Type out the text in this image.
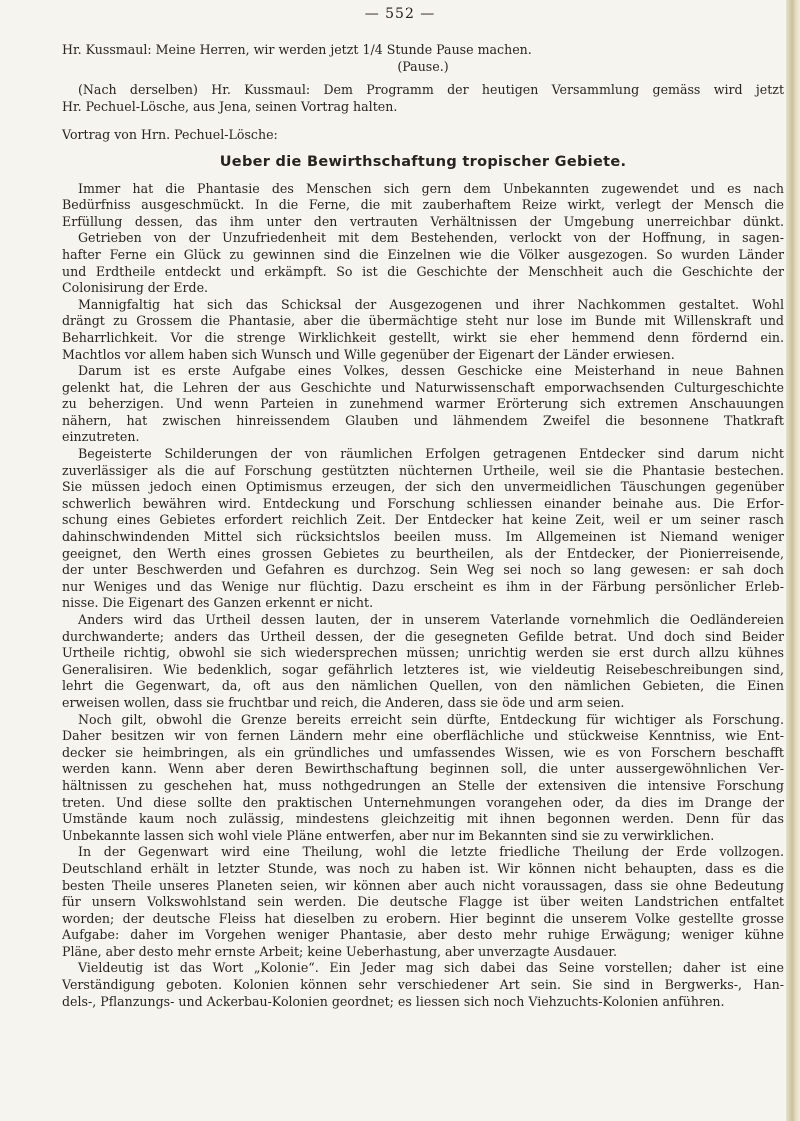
— 552 —
Hr. Kussmaul: Meine Herren, wir werden jetzt 1/4 Stunde Pause machen.
(Pause.)
(Nach derselben) Hr. Kussmaul: Dem Programm der heutigen Versammlung gemäss wird jetzt
Hr. Pechuel-Lösche, aus Jena, seinen Vortrag halten.
Vortrag von Hrn. Pechuel-Lösche:
Ueber die Bewirthschaftung tropischer Gebiete.
Immer hat die Phantasie des Menschen sich gern dem Unbekannten zugewendet und es nach
Bedürfniss ausgeschmückt. In die Ferne, die mit zauberhaftem Reize wirkt, verlegt der Mensch die
Erfüllung dessen, das ihm unter den vertrauten Verhältnissen der Umgebung unerreichbar dünkt.
Getrieben von der Unzufriedenheit mit dem Bestehenden, verlockt von der Hoffnung, in sagen-
hafter Ferne ein Glück zu gewinnen sind die Einzelnen wie die Völker ausgezogen. So wurden Länder
und Erdtheile entdeckt und erkämpft. So ist die Geschichte der Menschheit auch die Geschichte der
Colonisirung der Erde.
Mannigfaltig hat sich das Schicksal der Ausgezogenen und ihrer Nachkommen gestaltet. Wohl
drängt zu Grossem die Phantasie, aber die übermächtige steht nur lose im Bunde mit Willenskraft und
Beharrlichkeit. Vor die strenge Wirklichkeit gestellt, wirkt sie eher hemmend denn fördernd ein.
Machtlos vor allem haben sich Wunsch und Wille gegenüber der Eigenart der Länder erwiesen.
Darum ist es erste Aufgabe eines Volkes, dessen Geschicke eine Meisterhand in neue Bahnen
gelenkt hat, die Lehren der aus Geschichte und Naturwissenschaft emporwachsenden Culturgeschichte
zu beherzigen. Und wenn Parteien in zunehmend warmer Erörterung sich extremen Anschauungen
nähern, hat zwischen hinreissendem Glauben und lähmendem Zweifel die besonnene Thatkraft
einzutreten.
Begeisterte Schilderungen der von räumlichen Erfolgen getragenen Entdecker sind darum nicht
zuverlässiger als die auf Forschung gestützten nüchternen Urtheile, weil sie die Phantasie bestechen.
Sie müssen jedoch einen Optimismus erzeugen, der sich den unvermeidlichen Täuschungen gegenüber
schwerlich bewähren wird. Entdeckung und Forschung schliessen einander beinahe aus. Die Erfor-
schung eines Gebietes erfordert reichlich Zeit. Der Entdecker hat keine Zeit, weil er um seiner rasch
dahinschwindenden Mittel sich rücksichtslos beeilen muss. Im Allgemeinen ist Niemand weniger
geeignet, den Werth eines grossen Gebietes zu beurtheilen, als der Entdecker, der Pionierreisende,
der unter Beschwerden und Gefahren es durchzog. Sein Weg sei noch so lang gewesen: er sah doch
nur Weniges und das Wenige nur flüchtig. Dazu erscheint es ihm in der Färbung persönlicher Erleb-
nisse. Die Eigenart des Ganzen erkennt er nicht.
Anders wird das Urtheil dessen lauten, der in unserem Vaterlande vornehmlich die Oedländereien
durchwanderte; anders das Urtheil dessen, der die gesegneten Gefilde betrat. Und doch sind Beider
Urtheile richtig, obwohl sie sich wiedersprechen müssen; unrichtig werden sie erst durch allzu kühnes
Generalisiren. Wie bedenklich, sogar gefährlich letzteres ist, wie vieldeutig Reisebeschreibungen sind,
lehrt die Gegenwart, da, oft aus den nämlichen Quellen, von den nämlichen Gebieten, die Einen
erweisen wollen, dass sie fruchtbar und reich, die Anderen, dass sie öde und arm seien.
Noch gilt, obwohl die Grenze bereits erreicht sein dürfte, Entdeckung für wichtiger als Forschung.
Daher besitzen wir von fernen Ländern mehr eine oberflächliche und stückweise Kenntniss, wie Ent-
decker sie heimbringen, als ein gründliches und umfassendes Wissen, wie es von Forschern beschafft
werden kann. Wenn aber deren Bewirthschaftung beginnen soll, die unter aussergewöhnlichen Ver-
hältnissen zu geschehen hat, muss nothgedrungen an Stelle der extensiven die intensive Forschung
treten. Und diese sollte den praktischen Unternehmungen vorangehen oder, da dies im Drange der
Umstände kaum noch zulässig, mindestens gleichzeitig mit ihnen begonnen werden. Denn für das
Unbekannte lassen sich wohl viele Pläne entwerfen, aber nur im Bekannten sind sie zu verwirklichen.
In der Gegenwart wird eine Theilung, wohl die letzte friedliche Theilung der Erde vollzogen.
Deutschland erhält in letzter Stunde, was noch zu haben ist. Wir können nicht behaupten, dass es die
besten Theile unseres Planeten seien, wir können aber auch nicht voraussagen, dass sie ohne Bedeutung
für unsern Volkswohlstand sein werden. Die deutsche Flagge ist über weiten Landstrichen entfaltet
worden; der deutsche Fleiss hat dieselben zu erobern. Hier beginnt die unserem Volke gestellte grosse
Aufgabe: daher im Vorgehen weniger Phantasie, aber desto mehr ruhige Erwägung; weniger kühne
Pläne, aber desto mehr ernste Arbeit; keine Ueberhastung, aber unverzagte Ausdauer.
Vieldeutig ist das Wort „Kolonie“. Ein Jeder mag sich dabei das Seine vorstellen; daher ist eine
Verständigung geboten. Kolonien können sehr verschiedener Art sein. Sie sind in Bergwerks-, Han-
dels-, Pflanzungs- und Ackerbau-Kolonien geordnet; es liessen sich noch Viehzuchts-Kolonien anführen.
